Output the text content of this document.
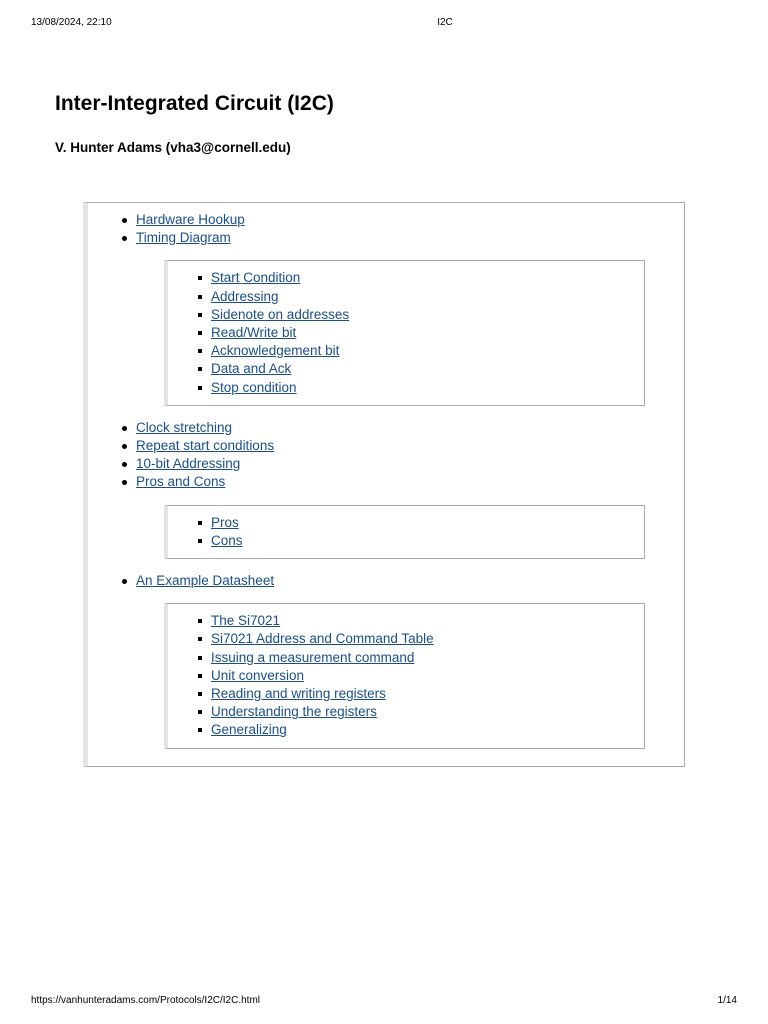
13/08/2024, 22:10	I2C
Inter-Integrated Circuit (I2C)
V. Hunter Adams (vha3@cornell.edu)
Hardware Hookup
Timing Diagram
Start Condition
Addressing
Sidenote on addresses
Read/Write bit
Acknowledgement bit
Data and Ack
Stop condition
Clock stretching
Repeat start conditions
10-bit Addressing
Pros and Cons
Pros
Cons
An Example Datasheet
The Si7021
Si7021 Address and Command Table
Issuing a measurement command
Unit conversion
Reading and writing registers
Understanding the registers
Generalizing
https://vanhunteradams.com/Protocols/I2C/I2C.html	1/14
